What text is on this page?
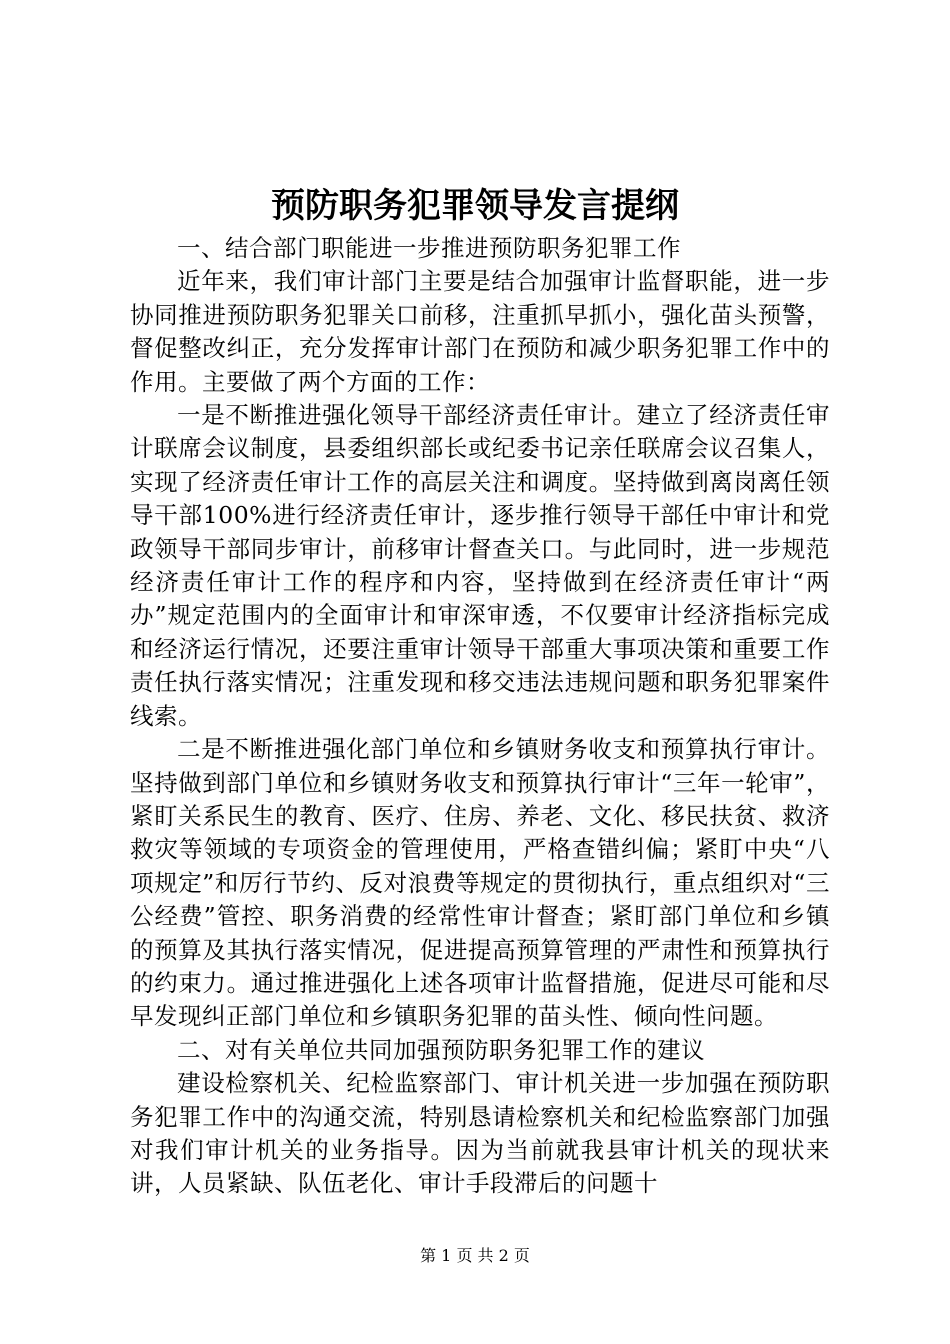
预防职务犯罪领导发言提纲

一、结合部门职能进一步推进预防职务犯罪工作

近年来，我们审计部门主要是结合加强审计监督职能，进一步协同推进预防职务犯罪关口前移，注重抓早抓小，强化苗头预警，督促整改纠正，充分发挥审计部门在预防和减少职务犯罪工作中的作用。主要做了两个方面的工作：

一是不断推进强化领导干部经济责任审计。建立了经济责任审计联席会议制度，县委组织部长或纪委书记亲任联席会议召集人，实现了经济责任审计工作的高层关注和调度。坚持做到离岗离任领导干部100%进行经济责任审计，逐步推行领导干部任中审计和党政领导干部同步审计，前移审计督查关口。与此同时，进一步规范经济责任审计工作的程序和内容，坚持做到在经济责任审计“两办”规定范围内的全面审计和审深审透，不仅要审计经济指标完成和经济运行情况，还要注重审计领导干部重大事项决策和重要工作责任执行落实情况；注重发现和移交违法违规问题和职务犯罪案件线索。

二是不断推进强化部门单位和乡镇财务收支和预算执行审计。坚持做到部门单位和乡镇财务收支和预算执行审计“三年一轮审”，紧盯关系民生的教育、医疗、住房、养老、文化、移民扶贫、救济救灾等领域的专项资金的管理使用，严格查错纠偏；紧盯中央“八项规定”和厉行节约、反对浪费等规定的贯彻执行，重点组织对“三公经费”管控、职务消费的经常性审计督查；紧盯部门单位和乡镇的预算及其执行落实情况，促进提高预算管理的严肃性和预算执行的约束力。通过推进强化上述各项审计监督措施，促进尽可能和尽早发现纠正部门单位和乡镇职务犯罪的苗头性、倾向性问题。

二、对有关单位共同加强预防职务犯罪工作的建议

建设检察机关、纪检监察部门、审计机关进一步加强在预防职务犯罪工作中的沟通交流，特别恳请检察机关和纪检监察部门加强对我们审计机关的业务指导。因为当前就我县审计机关的现状来讲，人员紧缺、队伍老化、审计手段滞后的问题十

第 1 页 共 2 页
